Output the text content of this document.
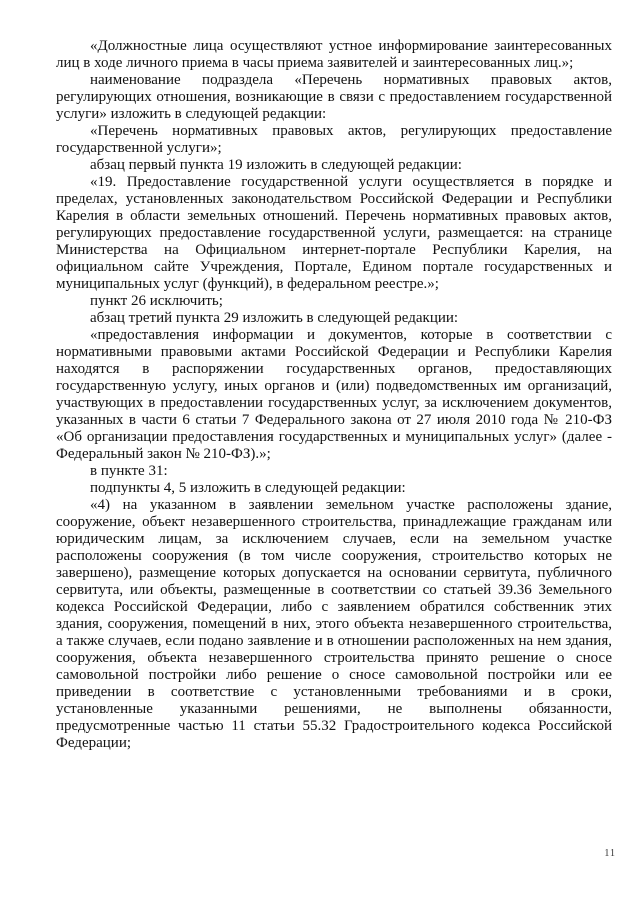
«Должностные лица осуществляют устное информирование заинтересованных лиц в ходе личного приема в часы приема заявителей и заинтересованных лиц.»;

наименование подраздела «Перечень нормативных правовых актов, регулирующих отношения, возникающие в связи с предоставлением государственной услуги» изложить в следующей редакции:

«Перечень нормативных правовых актов, регулирующих предоставление государственной услуги»;

абзац первый пункта 19 изложить в следующей редакции:

«19. Предоставление государственной услуги осуществляется в порядке и пределах, установленных законодательством Российской Федерации и Республики Карелия в области земельных отношений. Перечень нормативных правовых актов, регулирующих предоставление государственной услуги, размещается: на странице Министерства на Официальном интернет-портале Республики Карелия, на официальном сайте Учреждения, Портале, Едином портале государственных и муниципальных услуг (функций), в федеральном реестре.»;

пункт 26 исключить;

абзац третий пункта 29 изложить в следующей редакции:

«предоставления информации и документов, которые в соответствии с нормативными правовыми актами Российской Федерации и Республики Карелия находятся в распоряжении государственных органов, предоставляющих государственную услугу, иных органов и (или) подведомственных им организаций, участвующих в предоставлении государственных услуг, за исключением документов, указанных в части 6 статьи 7 Федерального закона от 27 июля 2010 года № 210-ФЗ «Об организации предоставления государственных и муниципальных услуг» (далее - Федеральный закон № 210-ФЗ).»;

в пункте 31:

подпункты 4, 5 изложить в следующей редакции:

«4) на указанном в заявлении земельном участке расположены здание, сооружение, объект незавершенного строительства, принадлежащие гражданам или юридическим лицам, за исключением случаев, если на земельном участке расположены сооружения (в том числе сооружения, строительство которых не завершено), размещение которых допускается на основании сервитута, публичного сервитута, или объекты, размещенные в соответствии со статьей 39.36 Земельного кодекса Российской Федерации, либо с заявлением обратился собственник этих здания, сооружения, помещений в них, этого объекта незавершенного строительства, а также случаев, если подано заявление и в отношении расположенных на нем здания, сооружения, объекта незавершенного строительства принято решение о сносе самовольной постройки либо решение о сносе самовольной постройки или ее приведении в соответствие с установленными требованиями и в сроки, установленные указанными решениями, не выполнены обязанности, предусмотренные частью 11 статьи 55.32 Градостроительного кодекса Российской Федерации;

11
